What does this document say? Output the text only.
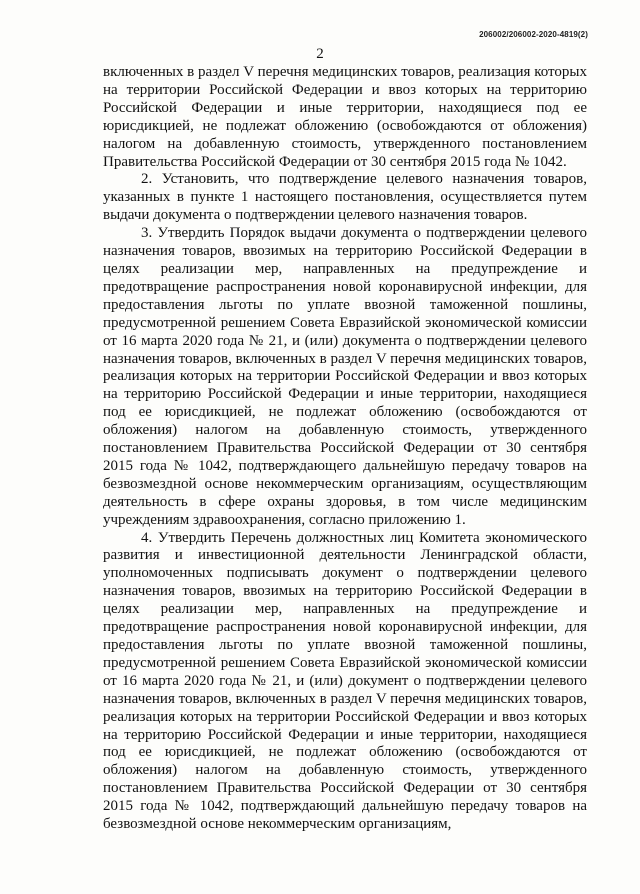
206002/206002-2020-4819(2)
2

включенных в раздел V перечня медицинских товаров, реализация которых на территории Российской Федерации и ввоз которых на территорию Российской Федерации и иные территории, находящиеся под ее юрисдикцией, не подлежат обложению (освобождаются от обложения) налогом на добавленную стоимость, утвержденного постановлением Правительства Российской Федерации от 30 сентября 2015 года № 1042.

2. Установить, что подтверждение целевого назначения товаров, указанных в пункте 1 настоящего постановления, осуществляется путем выдачи документа о подтверждении целевого назначения товаров.

3. Утвердить Порядок выдачи документа о подтверждении целевого назначения товаров, ввозимых на территорию Российской Федерации в целях реализации мер, направленных на предупреждение и предотвращение распространения новой коронавирусной инфекции, для предоставления льготы по уплате ввозной таможенной пошлины, предусмотренной решением Совета Евразийской экономической комиссии от 16 марта 2020 года № 21, и (или) документа о подтверждении целевого назначения товаров, включенных в раздел V перечня медицинских товаров, реализация которых на территории Российской Федерации и ввоз которых на территорию Российской Федерации и иные территории, находящиеся под ее юрисдикцией, не подлежат обложению (освобождаются от обложения) налогом на добавленную стоимость, утвержденного постановлением Правительства Российской Федерации от 30 сентября 2015 года № 1042, подтверждающего дальнейшую передачу товаров на безвозмездной основе некоммерческим организациям, осуществляющим деятельность в сфере охраны здоровья, в том числе медицинским учреждениям здравоохранения, согласно приложению 1.

4. Утвердить Перечень должностных лиц Комитета экономического развития и инвестиционной деятельности Ленинградской области, уполномоченных подписывать документ о подтверждении целевого назначения товаров, ввозимых на территорию Российской Федерации в целях реализации мер, направленных на предупреждение и предотвращение распространения новой коронавирусной инфекции, для предоставления льготы по уплате ввозной таможенной пошлины, предусмотренной решением Совета Евразийской экономической комиссии от 16 марта 2020 года № 21, и (или) документ о подтверждении целевого назначения товаров, включенных в раздел V перечня медицинских товаров, реализация которых на территории Российской Федерации и ввоз которых на территорию Российской Федерации и иные территории, находящиеся под ее юрисдикцией, не подлежат обложению (освобождаются от обложения) налогом на добавленную стоимость, утвержденного постановлением Правительства Российской Федерации от 30 сентября 2015 года № 1042, подтверждающий дальнейшую передачу товаров на безвозмездной основе некоммерческим организациям,
